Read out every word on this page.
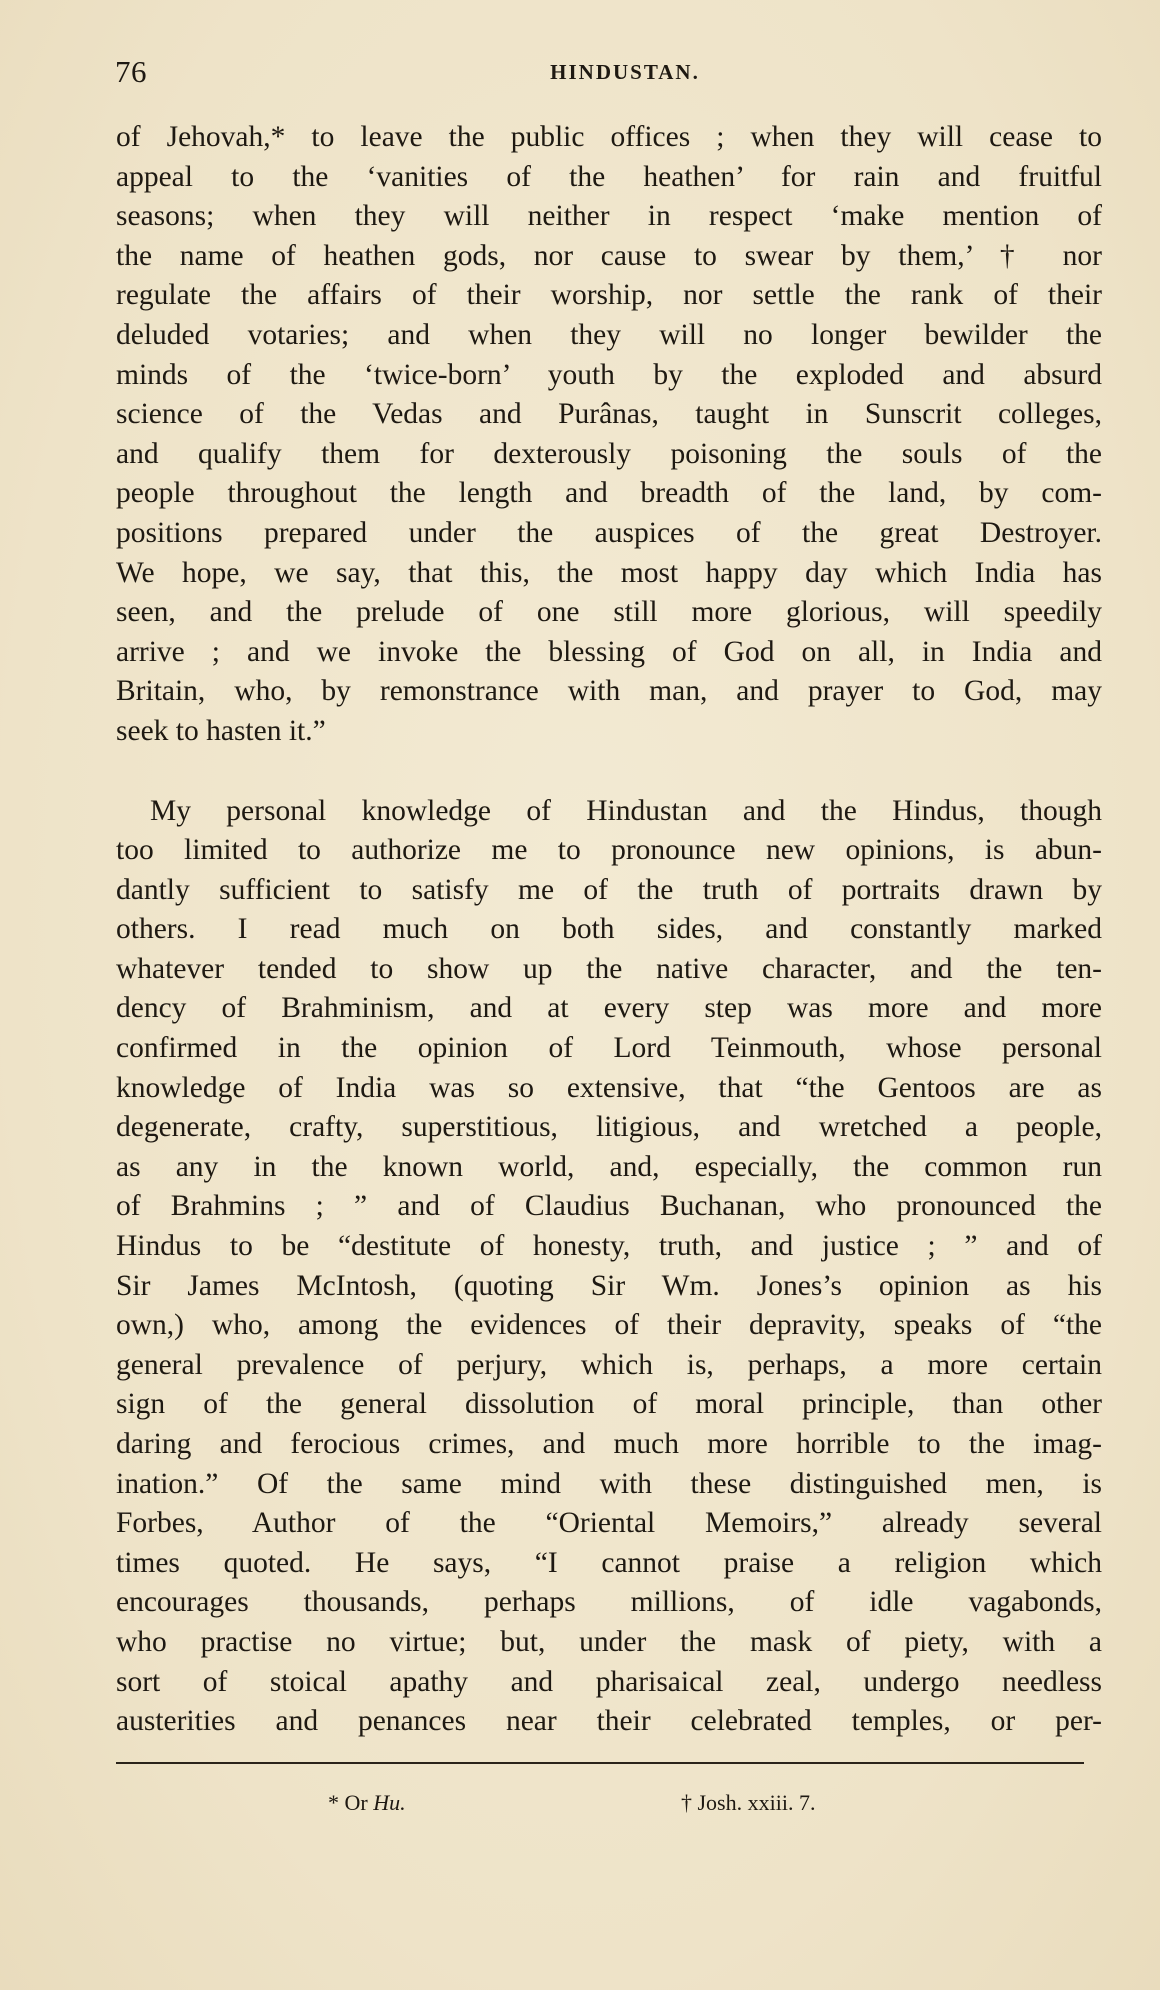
76	HINDUSTAN.
of Jehovah,* to leave the public offices ; when they will cease to
appeal to the ‘vanities of the heathen’ for rain and fruitful
seasons; when they will neither in respect ‘make mention of
the name of heathen gods, nor cause to swear by them,’ † nor
regulate the affairs of their worship, nor settle the rank of their
deluded votaries; and when they will no longer bewilder the
minds of the ‘twice-born’ youth by the exploded and absurd
science of the Vedas and Purânas, taught in Sunscrit colleges,
and qualify them for dexterously poisoning the souls of the
people throughout the length and breadth of the land, by com-
positions prepared under the auspices of the great Destroyer.
We hope, we say, that this, the most happy day which India has
seen, and the prelude of one still more glorious, will speedily
arrive ; and we invoke the blessing of God on all, in India and
Britain, who, by remonstrance with man, and prayer to God, may
seek to hasten it.”
My personal knowledge of Hindustan and the Hindus, though
too limited to authorize me to pronounce new opinions, is abun-
dantly sufficient to satisfy me of the truth of portraits drawn by
others. I read much on both sides, and constantly marked
whatever tended to show up the native character, and the ten-
dency of Brahminism, and at every step was more and more
confirmed in the opinion of Lord Teinmouth, whose personal
knowledge of India was so extensive, that “the Gentoos are as
degenerate, crafty, superstitious, litigious, and wretched a people,
as any in the known world, and, especially, the common run
of Brahmins ; ” and of Claudius Buchanan, who pronounced the
Hindus to be “destitute of honesty, truth, and justice ; ” and of
Sir James McIntosh, (quoting Sir Wm. Jones’s opinion as his
own,) who, among the evidences of their depravity, speaks of “the
general prevalence of perjury, which is, perhaps, a more certain
sign of the general dissolution of moral principle, than other
daring and ferocious crimes, and much more horrible to the imag-
ination.” Of the same mind with these distinguished men, is
Forbes, Author of the “Oriental Memoirs,” already several
times quoted. He says, “I cannot praise a religion which
encourages thousands, perhaps millions, of idle vagabonds,
who practise no virtue; but, under the mask of piety, with a
sort of stoical apathy and pharisaical zeal, undergo needless
austerities and penances near their celebrated temples, or per-
* Or Hu.	† Josh. xxiii. 7.
